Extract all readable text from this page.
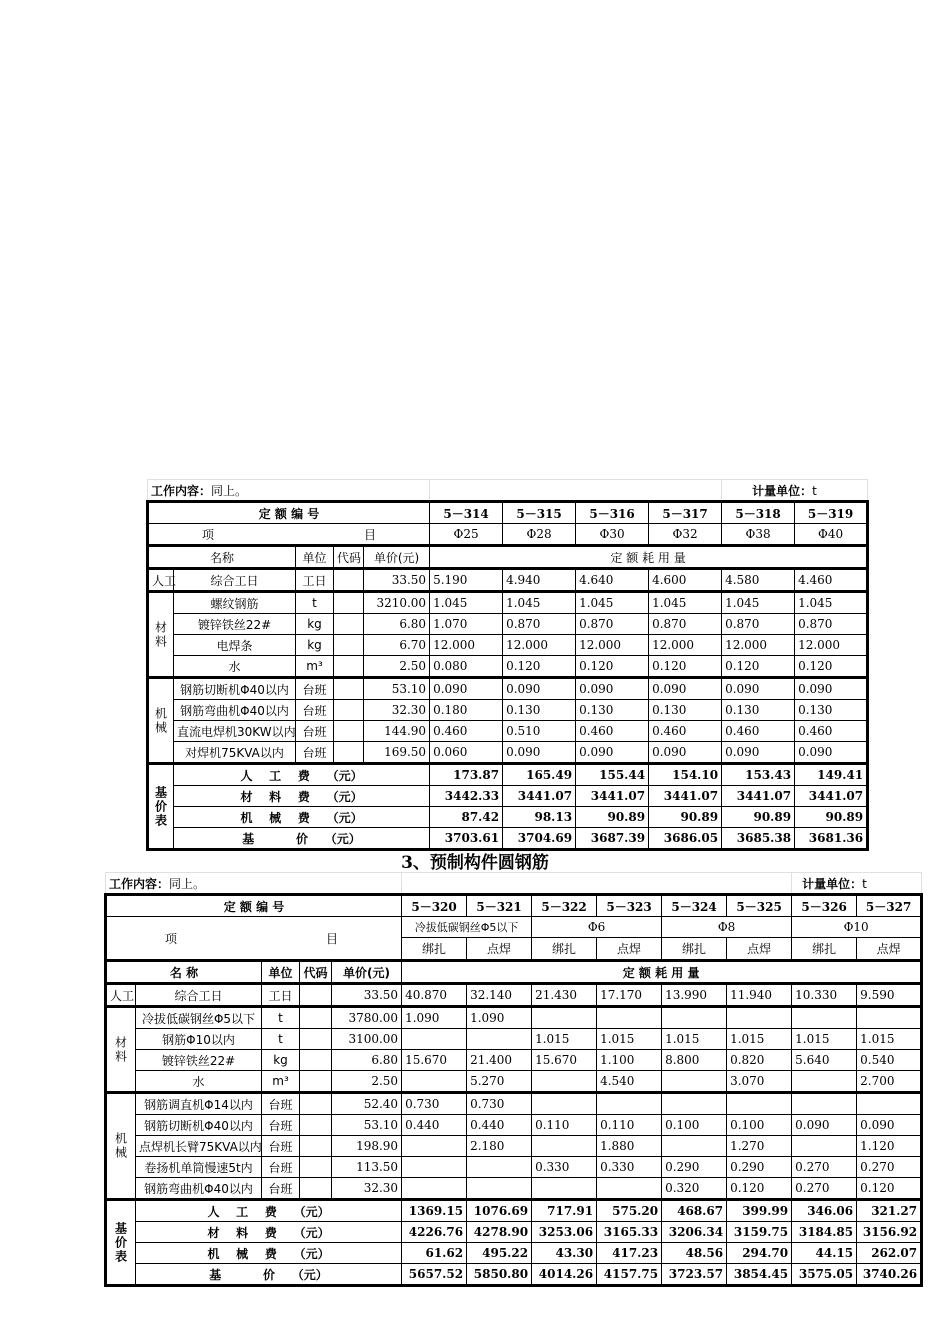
工作内容：同上。									计量单位：t	
定 额 编 号					5－314	5－315	5－316	5－317	5－318	5－319
项 目					Φ25	Φ28	Φ30	Φ32	Φ38	Φ40
名称		单位	代码	单价(元)	定 额 耗 用 量					
人工	综合工日	工日		33.50	5.190	4.940	4.640	4.600	4.580	4.460
材料	螺纹钢筋	t		3210.00	1.045	1.045	1.045	1.045	1.045	1.045
	镀锌铁丝22#	kg		6.80	1.070	0.870	0.870	0.870	0.870	0.870
	电焊条	kg		6.70	12.000	12.000	12.000	12.000	12.000	12.000
	水	m³		2.50	0.080	0.120	0.120	0.120	0.120	0.120
机械	钢筋切断机Φ40以内	台班		53.10	0.090	0.090	0.090	0.090	0.090	0.090
	钢筋弯曲机Φ40以内	台班		32.30	0.180	0.130	0.130	0.130	0.130	0.130
	直流电焊机30KW以内	台班		144.90	0.460	0.510	0.460	0.460	0.460	0.460
	对焊机75KVA以内	台班		169.50	0.060	0.090	0.090	0.090	0.090	0.090
基价表	人    工    费    （元）				173.87	165.49	155.44	154.10	153.43	149.41
	材    料    费    （元）				3442.33	3441.07	3441.07	3441.07	3441.07	3441.07
	机    械    费    （元）				87.42	98.13	90.89	90.89	90.89	90.89
	基          价    （元）				3703.61	3704.69	3687.39	3686.05	3685.38	3681.36
3、预制构件圆钢筋
工作内容：同上。											计量单位：t	
定 额 编 号					5－320	5－321	5－322	5－323	5－324	5－325	5－326	5－327
项 目					冷拔低碳钢丝Φ5以下		Φ6		Φ8		Φ10	
					绑扎	点焊	绑扎	点焊	绑扎	点焊	绑扎	点焊
名 称		单位	代码	单价(元)	定 额 耗 用 量							
人工	综合工日	工日		33.50	40.870	32.140	21.430	17.170	13.990	11.940	10.330	9.590
材料	冷拔低碳钢丝Φ5以下	t		3780.00	1.090	1.090						
	钢筋Φ10以内	t		3100.00			1.015	1.015	1.015	1.015	1.015	1.015
	镀锌铁丝22#	kg		6.80	15.670	21.400	15.670	1.100	8.800	0.820	5.640	0.540
	水	m³		2.50		5.270		4.540		3.070		2.700
机械	钢筋调直机Φ14以内	台班		52.40	0.730	0.730						
	钢筋切断机Φ40以内	台班		53.10	0.440	0.440	0.110	0.110	0.100	0.100	0.090	0.090
	点焊机长臂75KVA以内	台班		198.90		2.180		1.880		1.270		1.120
	卷扬机单筒慢速5t内	台班		113.50			0.330	0.330	0.290	0.290	0.270	0.270
	钢筋弯曲机Φ40以内	台班		32.30					0.320	0.120	0.270	0.120
基价表	人    工    费    （元）				1369.15	1076.69	717.91	575.20	468.67	399.99	346.06	321.27
	材    料    费    （元）				4226.76	4278.90	3253.06	3165.33	3206.34	3159.75	3184.85	3156.92
	机    械    费    （元）				61.62	495.22	43.30	417.23	48.56	294.70	44.15	262.07
	基          价    （元）				5657.52	5850.80	4014.26	4157.75	3723.57	3854.45	3575.05	3740.26
